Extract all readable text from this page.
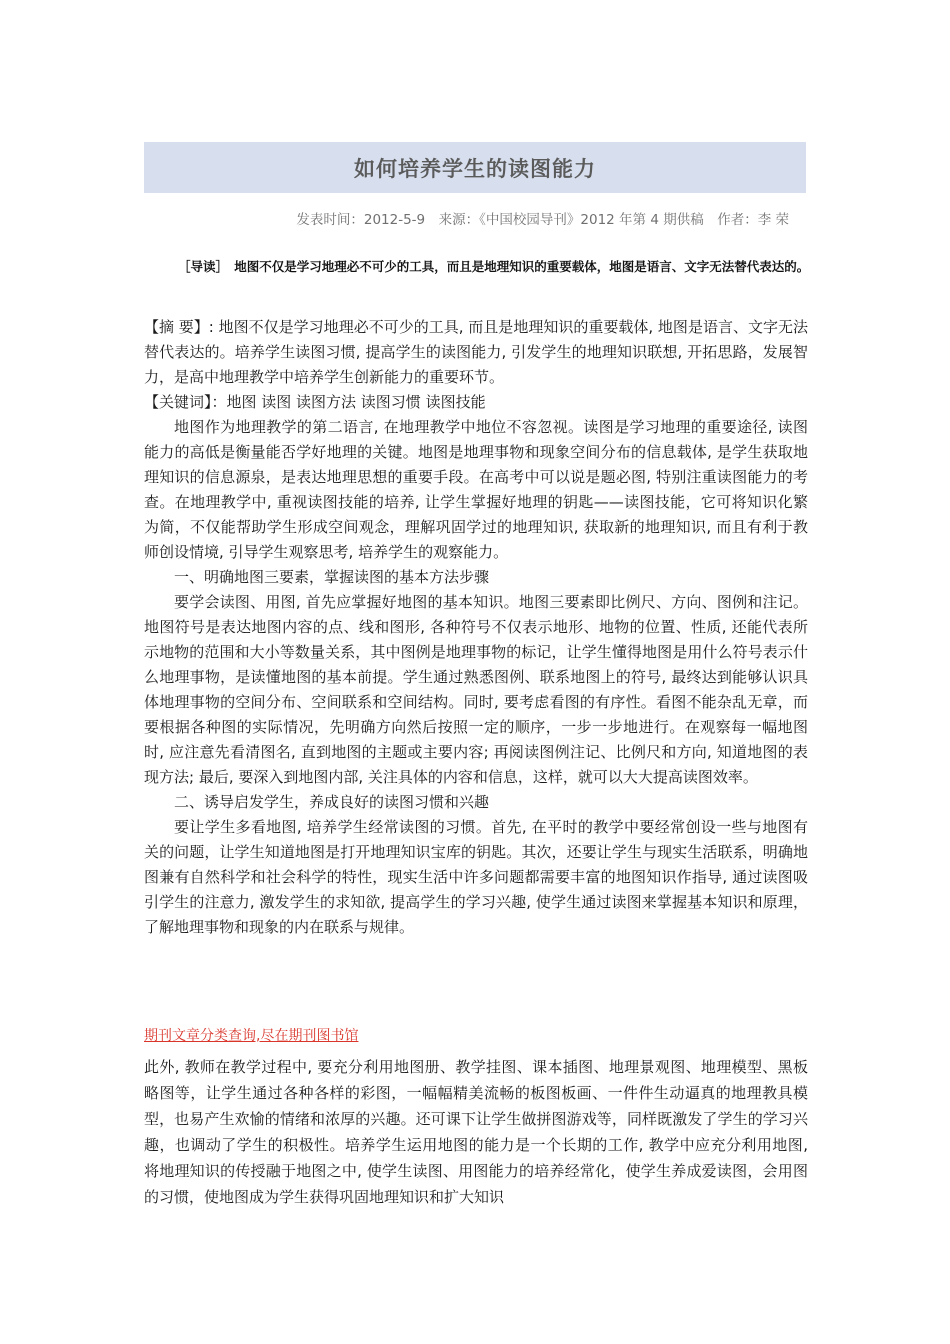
如何培养学生的读图能力
发表时间：2012-5-9　来源：《中国校园导刊》2012 年第 4 期供稿　作者：李 荣
［导读］　地图不仅是学习地理必不可少的工具，而且是地理知识的重要载体，地图是语言、文字无法替代表达的。

【摘 要】: 地图不仅是学习地理必不可少的工具, 而且是地理知识的重要载体, 地图是语言、文字无法替代表达的。培养学生读图习惯, 提高学生的读图能力, 引发学生的地理知识联想, 开拓思路，发展智力，是高中地理教学中培养学生创新能力的重要环节。

【关键词】：地图 读图 读图方法 读图习惯 读图技能

地图作为地理教学的第二语言, 在地理教学中地位不容忽视。读图是学习地理的重要途径, 读图能力的高低是衡量能否学好地理的关键。地图是地理事物和现象空间分布的信息载体, 是学生获取地理知识的信息源泉，是表达地理思想的重要手段。在高考中可以说是题必图, 特别注重读图能力的考查。在地理教学中, 重视读图技能的培养, 让学生掌握好地理的钥匙——读图技能，它可将知识化繁为简，不仅能帮助学生形成空间观念，理解巩固学过的地理知识, 获取新的地理知识, 而且有利于教师创设情境, 引导学生观察思考, 培养学生的观察能力。

一、明确地图三要素，掌握读图的基本方法步骤

要学会读图、用图, 首先应掌握好地图的基本知识。地图三要素即比例尺、方向、图例和注记。地图符号是表达地图内容的点、线和图形, 各种符号不仅表示地形、地物的位置、性质, 还能代表所示地物的范围和大小等数量关系，其中图例是地理事物的标记，让学生懂得地图是用什么符号表示什么地理事物，是读懂地图的基本前提。学生通过熟悉图例、联系地图上的符号, 最终达到能够认识具体地理事物的空间分布、空间联系和空间结构。同时, 要考虑看图的有序性。看图不能杂乱无章，而要根据各种图的实际情况，先明确方向然后按照一定的顺序，一步一步地进行。在观察每一幅地图时, 应注意先看清图名, 直到地图的主题或主要内容; 再阅读图例注记、比例尺和方向, 知道地图的表现方法; 最后, 要深入到地图内部, 关注具体的内容和信息，这样，就可以大大提高读图效率。

二、诱导启发学生，养成良好的读图习惯和兴趣

要让学生多看地图, 培养学生经常读图的习惯。首先, 在平时的教学中要经常创设一些与地图有关的问题，让学生知道地图是打开地理知识宝库的钥匙。其次，还要让学生与现实生活联系，明确地图兼有自然科学和社会科学的特性，现实生活中许多问题都需要丰富的地图知识作指导, 通过读图吸引学生的注意力, 激发学生的求知欲, 提高学生的学习兴趣, 使学生通过读图来掌握基本知识和原理，了解地理事物和现象的内在联系与规律。

期刊文章分类查询,尽在期刊图书馆

此外, 教师在教学过程中, 要充分利用地图册、教学挂图、课本插图、地理景观图、地理模型、黑板略图等，让学生通过各种各样的彩图，一幅幅精美流畅的板图板画、一件件生动逼真的地理教具模型，也易产生欢愉的情绪和浓厚的兴趣。还可课下让学生做拼图游戏等，同样既激发了学生的学习兴趣，也调动了学生的积极性。培养学生运用地图的能力是一个长期的工作, 教学中应充分利用地图, 将地理知识的传授融于地图之中, 使学生读图、用图能力的培养经常化，使学生养成爱读图，会用图的习惯，使地图成为学生获得巩固地理知识和扩大知识
